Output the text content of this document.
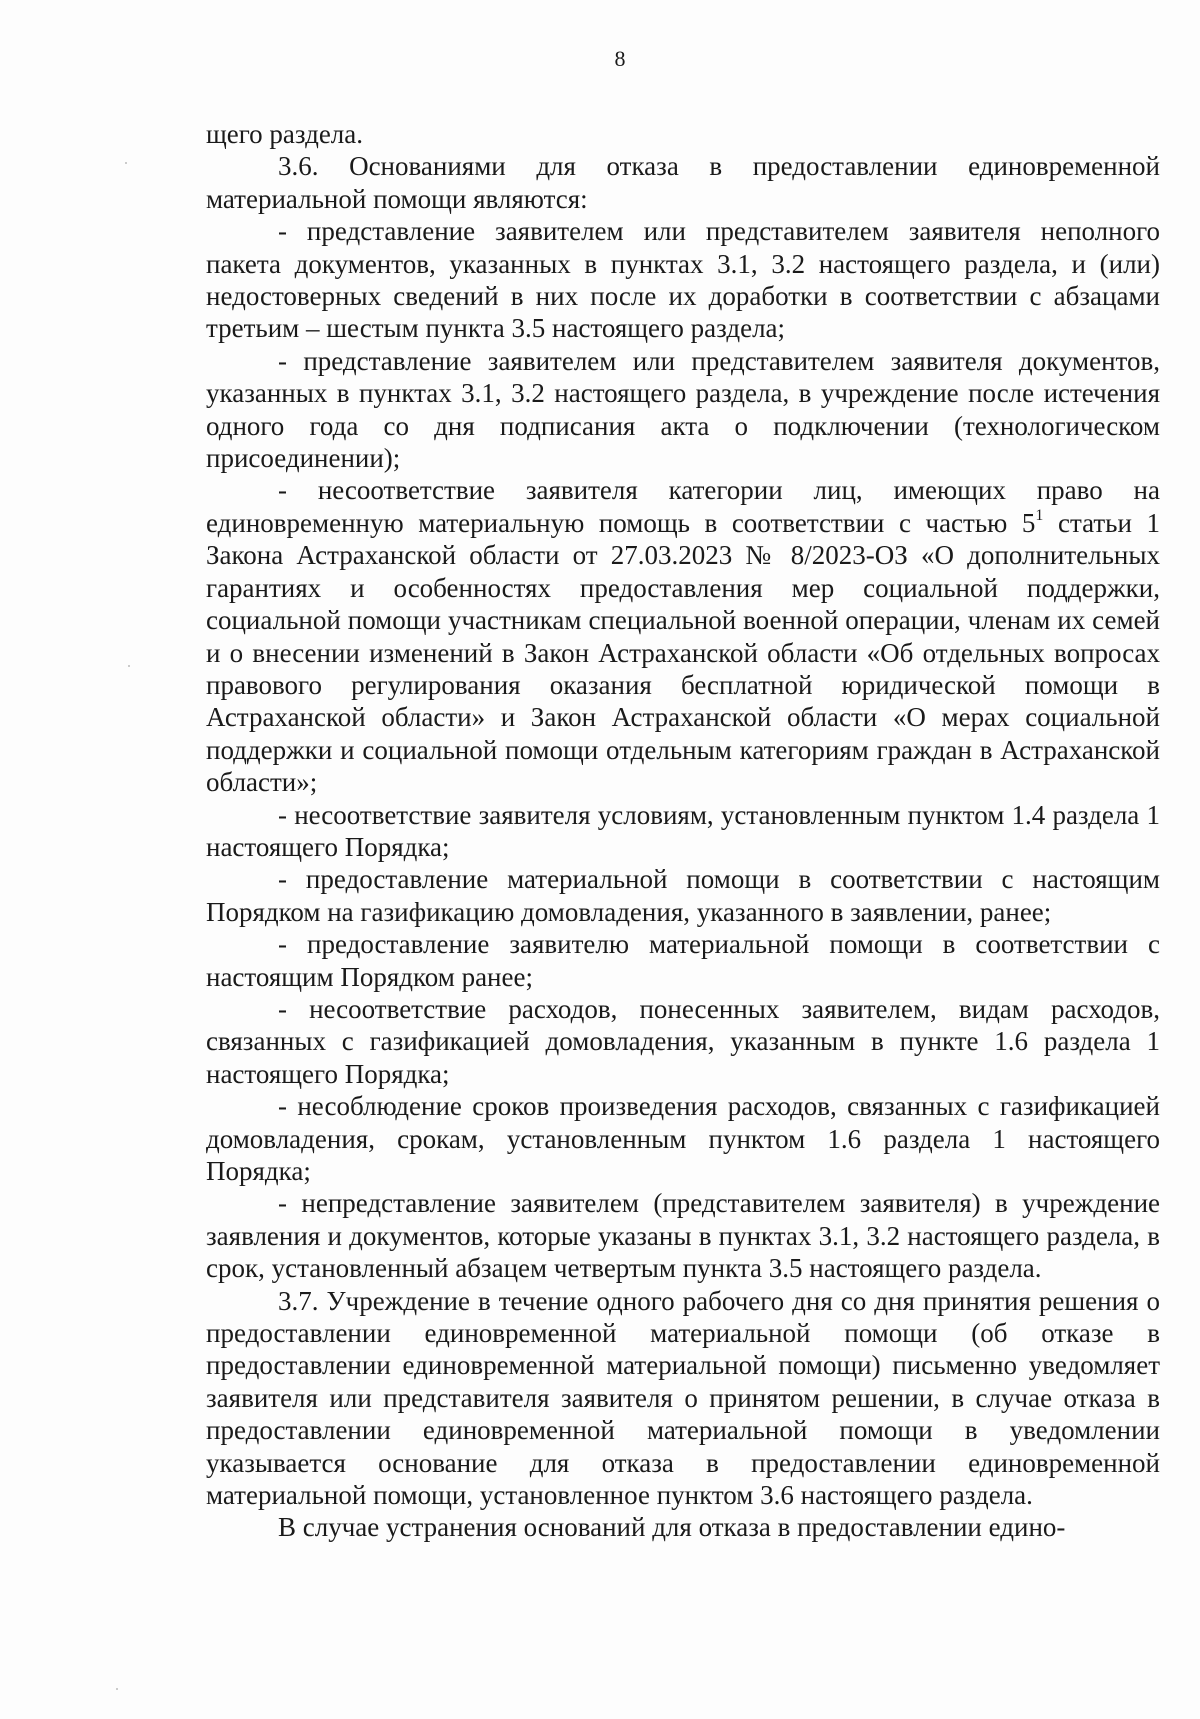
8

щего раздела.

3.6. Основаниями для отказа в предоставлении единовременной материальной помощи являются:

- представление заявителем или представителем заявителя неполного пакета документов, указанных в пунктах 3.1, 3.2 настоящего раздела, и (или) недостоверных сведений в них после их доработки в соответствии с абзацами третьим – шестым пункта 3.5 настоящего раздела;

- представление заявителем или представителем заявителя документов, указанных в пунктах 3.1, 3.2 настоящего раздела, в учреждение после истечения одного года со дня подписания акта о подключении (технологическом присоединении);

- несоответствие заявителя категории лиц, имеющих право на единовременную материальную помощь в соответствии с частью $5^1$ статьи 1 Закона Астраханской области от 27.03.2023 № 8/2023-ОЗ «О дополнительных гарантиях и особенностях предоставления мер социальной поддержки, социальной помощи участникам специальной военной операции, членам их семей и о внесении изменений в Закон Астраханской области «Об отдельных вопросах правового регулирования оказания бесплатной юридической помощи в Астраханской области» и Закон Астраханской области «О мерах социальной поддержки и социальной помощи отдельным категориям граждан в Астраханской области»;

- несоответствие заявителя условиям, установленным пунктом 1.4 раздела 1 настоящего Порядка;

- предоставление материальной помощи в соответствии с настоящим Порядком на газификацию домовладения, указанного в заявлении, ранее;

- предоставление заявителю материальной помощи в соответствии с настоящим Порядком ранее;

- несоответствие расходов, понесенных заявителем, видам расходов, связанных с газификацией домовладения, указанным в пункте 1.6 раздела 1 настоящего Порядка;

- несоблюдение сроков произведения расходов, связанных с газификацией домовладения, срокам, установленным пунктом 1.6 раздела 1 настоящего Порядка;

- непредставление заявителем (представителем заявителя) в учреждение заявления и документов, которые указаны в пунктах 3.1, 3.2 настоящего раздела, в срок, установленный абзацем четвертым пункта 3.5 настоящего раздела.

3.7. Учреждение в течение одного рабочего дня со дня принятия решения о предоставлении единовременной материальной помощи (об отказе в предоставлении единовременной материальной помощи) письменно уведомляет заявителя или представителя заявителя о принятом решении, в случае отказа в предоставлении единовременной материальной помощи в уведомлении указывается основание для отказа в предоставлении единовременной материальной помощи, установленное пунктом 3.6 настоящего раздела.

В случае устранения оснований для отказа в предоставлении едино-
